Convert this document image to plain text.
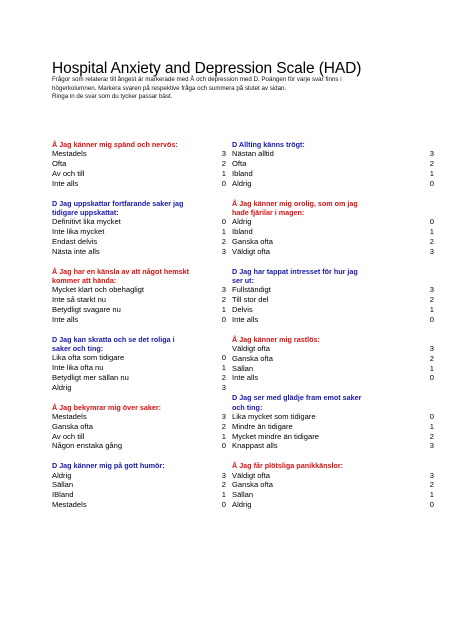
Hospital Anxiety and Depression Scale (HAD)
Frågor som relaterar till ångest är markerade med Å och depression med D. Poängen för varje svar finns i
högerkolumnen. Markera svaren på respektive fråga och summera på slutet av sidan.
Ringa in de svar som du tycker passar bäst.
Å Jag känner mig spänd och nervös:
Mestadels	3
Ofta	2
Av och till	1
Inte alls	0
D Jag uppskattar fortfarande saker jag
tidigare uppskattat:
Definitivt lika mycket	0
Inte lika mycket	1
Endast delvis	2
Nästa inte alls	3
Å Jag har en känsla av att något hemskt
kommer att hända:
Mycket klart och obehagligt	3
Inte så starkt nu	2
Betydligt svagare nu	1
Inte alls	0
D Jag kan skratta och se det roliga i
saker och ting:
Lika ofta som tidigare	0
Inte lika ofta nu	1
Betydligt mer sällan nu	2
Aldrig	3
Å Jag bekymrar mig över saker:
Mestadels	3
Ganska ofta	2
Av och till	1
Någon enstaka gång	0
D Jag känner mig på gott humör:
Aldrig	3
Sällan	2
IBland	1
Mestadels	0
D Allting känns trögt:
Nästan alltid	3
Ofta	2
Ibland	1
Aldrig	0
Å Jag känner mig orolig, som om jag
hade fjärilar i magen:
Aldrig	0
Ibland	1
Ganska ofta	2
Väldigt ofta	3
D Jag har tappat intresset för hur jag
ser ut:
Fullständigt	3
Till stor del	2
Delvis	1
Inte alls	0
Å Jag känner mig rastlös:
Väldigt ofta	3
Ganska ofta	2
Sällan	1
Inte alls	0
D Jag ser med glädje fram emot saker
och ting:
Lika mycket som tidigare	0
Mindre än tidigare	1
Mycket mindre än tidigare	2
Knappast alls	3
Å Jag får plötsliga panikkänslor:
Väldigt ofta	3
Ganska ofta	2
Sällan	1
Aldrig	0
